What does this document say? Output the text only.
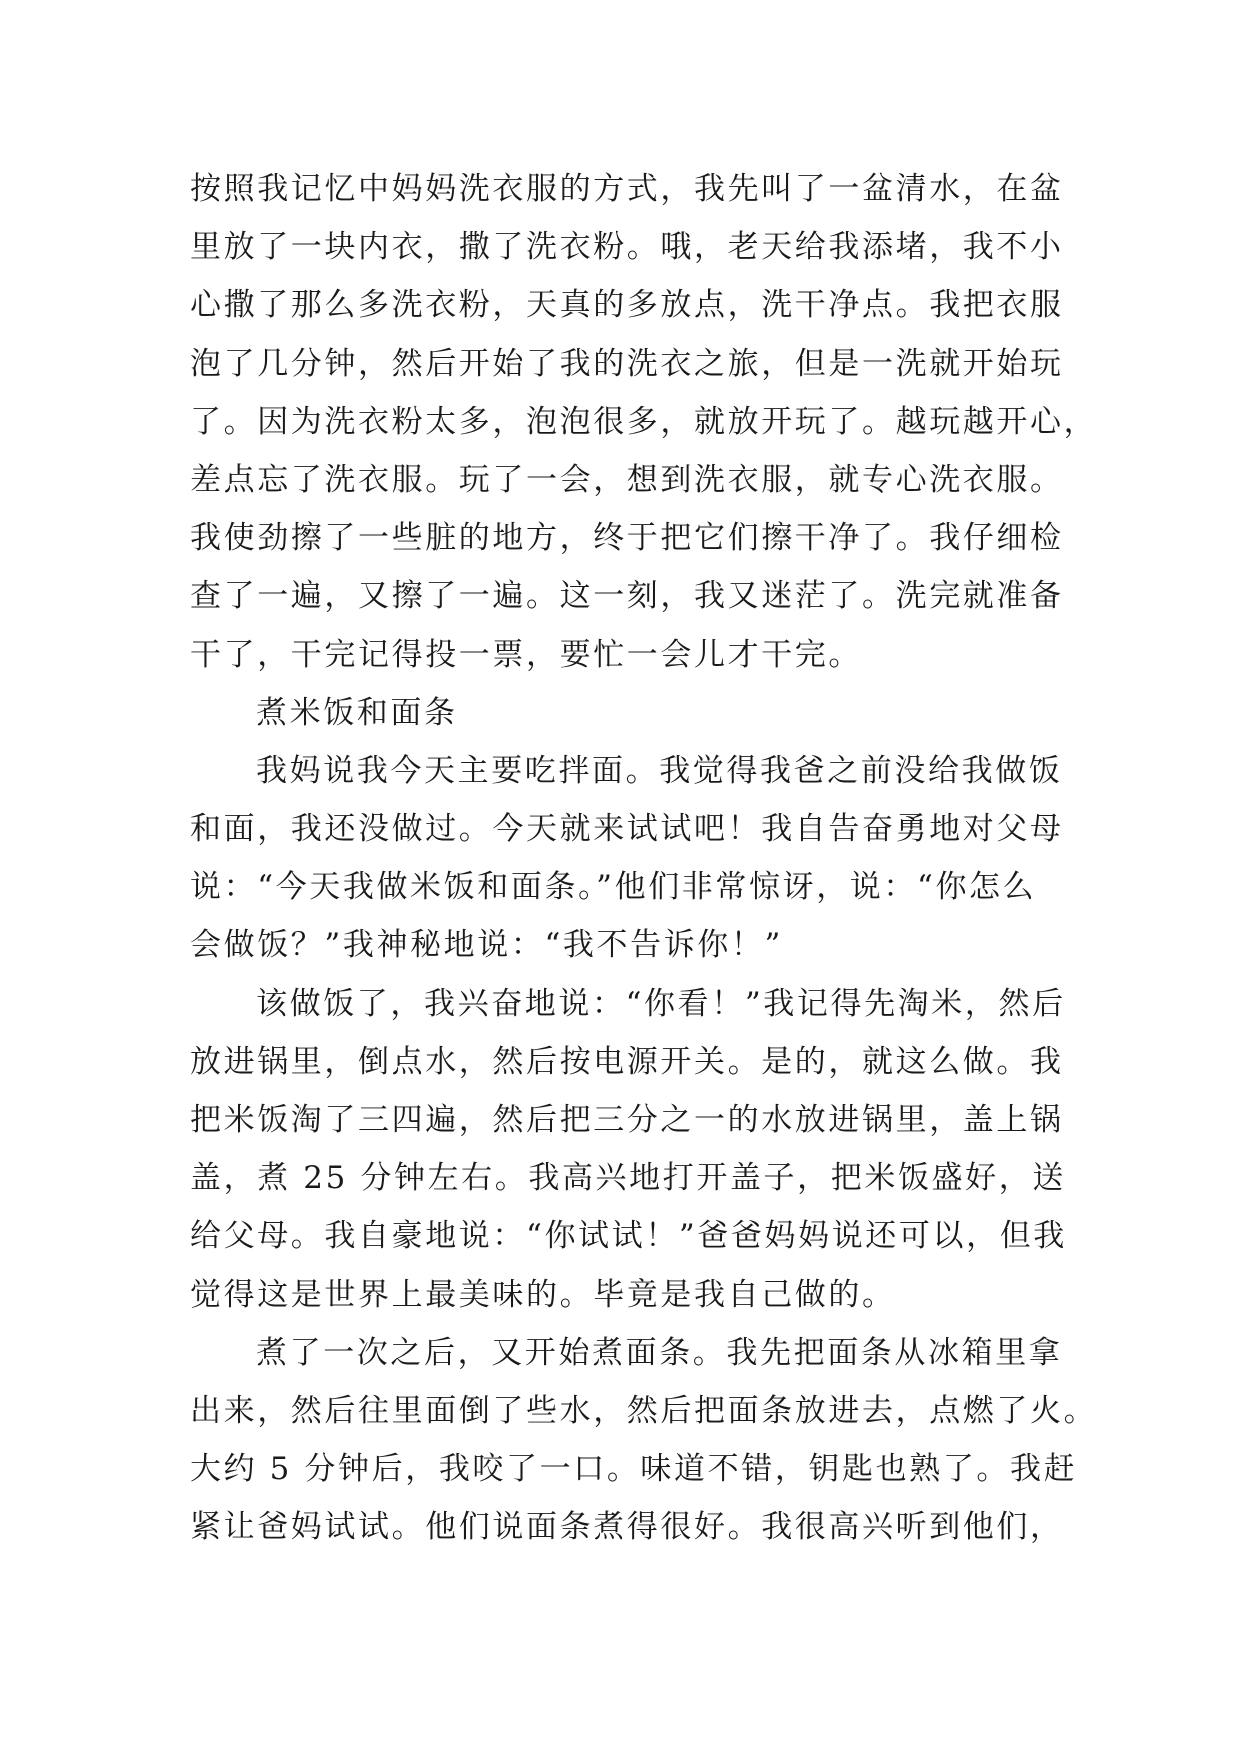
按照我记忆中妈妈洗衣服的方式，我先叫了一盆清水，在盆
里放了一块内衣，撒了洗衣粉。哦，老天给我添堵，我不小
心撒了那么多洗衣粉，天真的多放点，洗干净点。我把衣服
泡了几分钟，然后开始了我的洗衣之旅，但是一洗就开始玩
了。因为洗衣粉太多，泡泡很多，就放开玩了。越玩越开心，
差点忘了洗衣服。玩了一会，想到洗衣服，就专心洗衣服。
我使劲擦了一些脏的地方，终于把它们擦干净了。我仔细检
查了一遍，又擦了一遍。这一刻，我又迷茫了。洗完就准备
干了，干完记得投一票，要忙一会儿才干完。
煮米饭和面条
我妈说我今天主要吃拌面。我觉得我爸之前没给我做饭
和面，我还没做过。今天就来试试吧！我自告奋勇地对父母
说：“今天我做米饭和面条。”他们非常惊讶，说：“你怎么
会做饭？”我神秘地说：“我不告诉你！”
该做饭了，我兴奋地说：“你看！”我记得先淘米，然后
放进锅里，倒点水，然后按电源开关。是的，就这么做。我
把米饭淘了三四遍，然后把三分之一的水放进锅里，盖上锅
盖，煮 25 分钟左右。我高兴地打开盖子，把米饭盛好，送
给父母。我自豪地说：“你试试！”爸爸妈妈说还可以，但我
觉得这是世界上最美味的。毕竟是我自己做的。
煮了一次之后，又开始煮面条。我先把面条从冰箱里拿
出来，然后往里面倒了些水，然后把面条放进去，点燃了火。
大约 5 分钟后，我咬了一口。味道不错，钥匙也熟了。我赶
紧让爸妈试试。他们说面条煮得很好。我很高兴听到他们，
